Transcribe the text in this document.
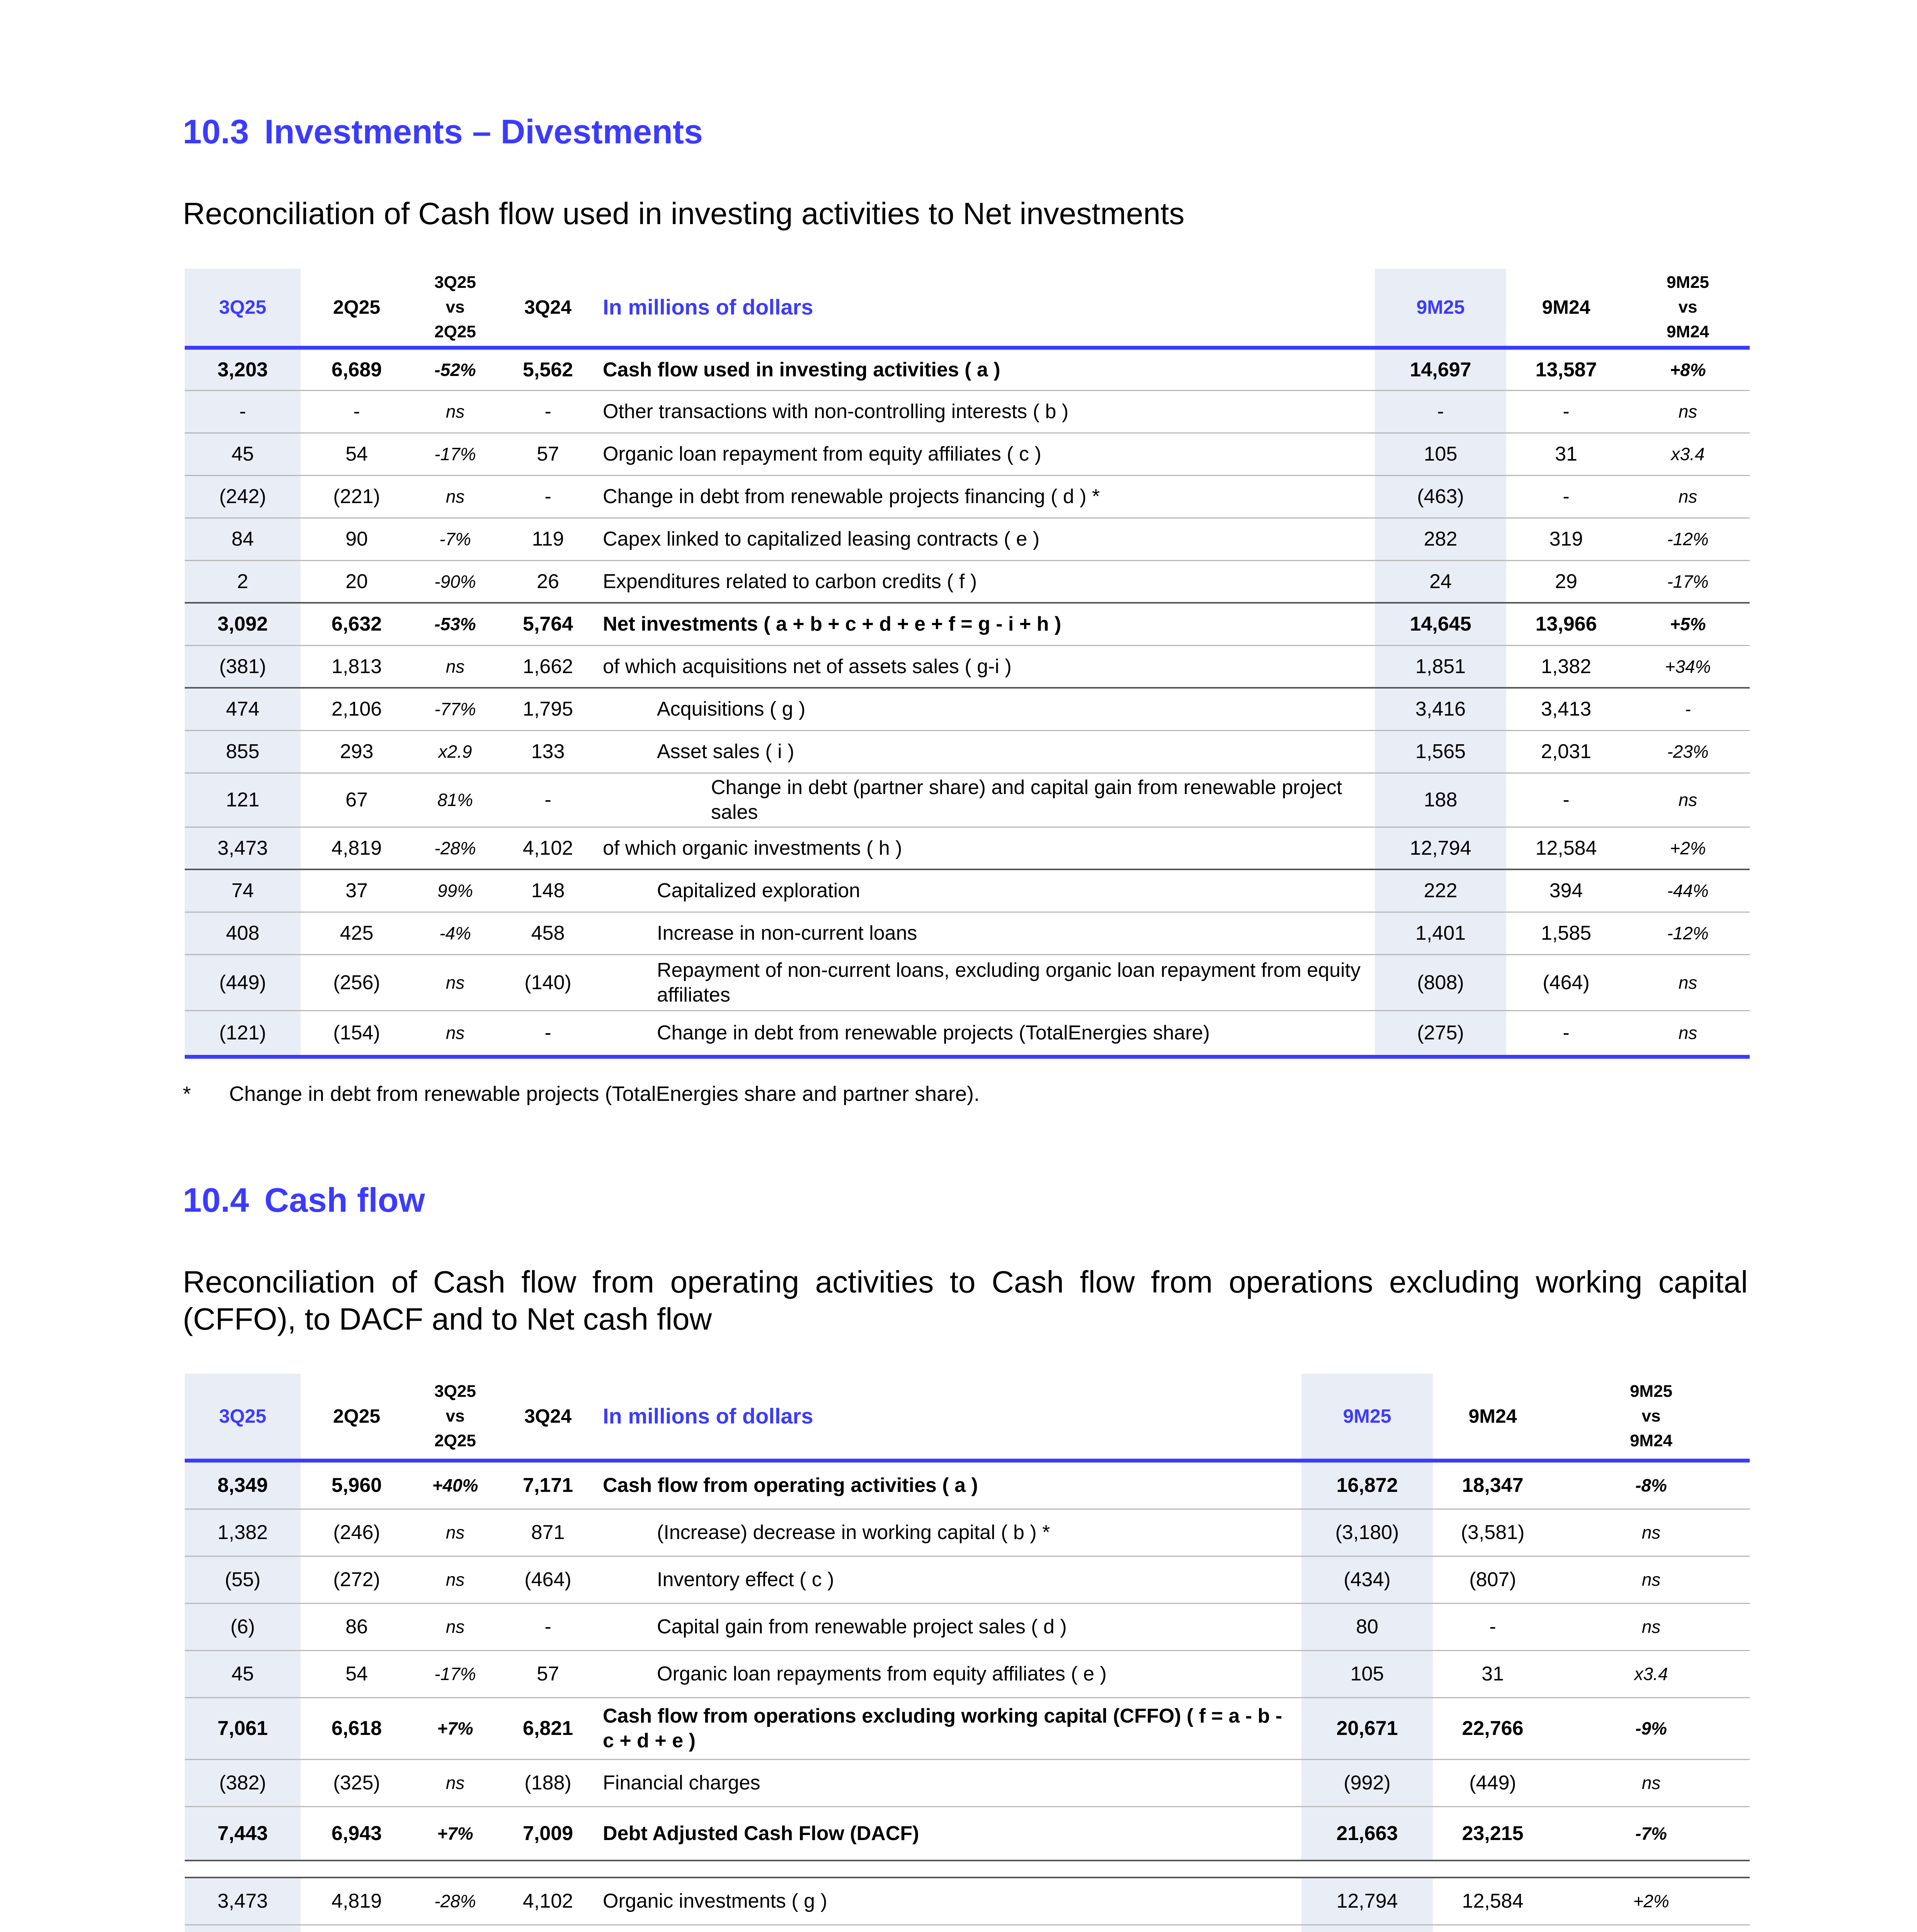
10.3 Investments – Divestments

Reconciliation of Cash flow used in investing activities to Net investments

3Q25	2Q25	3Q25
vs
2Q25	3Q24	In millions of dollars	9M25	9M24	9M25
vs
9M24
3,203	6,689	-52%	5,562	Cash flow used in investing activities ( a )	14,697	13,587	+8%
-	-	ns	-	Other transactions with non-controlling interests ( b )	-	-	ns
45	54	-17%	57	Organic loan repayment from equity affiliates ( c )	105	31	x3.4
(242)	(221)	ns	-	Change in debt from renewable projects financing ( d ) *	(463)	-	ns
84	90	-7%	119	Capex linked to capitalized leasing contracts ( e )	282	319	-12%
2	20	-90%	26	Expenditures related to carbon credits ( f )	24	29	-17%
3,092	6,632	-53%	5,764	Net investments ( a + b + c + d + e + f = g - i + h )	14,645	13,966	+5%
(381)	1,813	ns	1,662	of which acquisitions net of assets sales ( g-i )	1,851	1,382	+34%
474	2,106	-77%	1,795	Acquisitions ( g )	3,416	3,413	-
855	293	x2.9	133	Asset sales ( i )	1,565	2,031	-23%
121	67	81%	-	Change in debt (partner share) and capital gain from renewable project sales	188	-	ns
3,473	4,819	-28%	4,102	of which organic investments ( h )	12,794	12,584	+2%
74	37	99%	148	Capitalized exploration	222	394	-44%
408	425	-4%	458	Increase in non-current loans	1,401	1,585	-12%
(449)	(256)	ns	(140)	Repayment of non-current loans, excluding organic loan repayment from equity affiliates	(808)	(464)	ns
(121)	(154)	ns	-	Change in debt from renewable projects (TotalEnergies share)	(275)	-	ns
* Change in debt from renewable projects (TotalEnergies share and partner share).
10.4 Cash flow

Reconciliation of Cash flow from operating activities to Cash flow from operations excluding working capital (CFFO), to DACF and to Net cash flow

3Q25	2Q25	3Q25
vs
2Q25	3Q24	In millions of dollars	9M25	9M24	9M25
vs
9M24
8,349	5,960	+40%	7,171	Cash flow from operating activities ( a )	16,872	18,347	-8%
1,382	(246)	ns	871	(Increase) decrease in working capital ( b ) *	(3,180)	(3,581)	ns
(55)	(272)	ns	(464)	Inventory effect ( c )	(434)	(807)	ns
(6)	86	ns	-	Capital gain from renewable project sales ( d )	80	-	ns
45	54	-17%	57	Organic loan repayments from equity affiliates ( e )	105	31	x3.4
7,061	6,618	+7%	6,821	Cash flow from operations excluding working capital (CFFO) ( f = a - b - c + d + e )	20,671	22,766	-9%
(382)	(325)	ns	(188)	Financial charges	(992)	(449)	ns
7,443	6,943	+7%	7,009	Debt Adjusted Cash Flow (DACF)	21,663	23,215	-7%

3,473	4,819	-28%	4,102	Organic investments ( g )	12,794	12,584	+2%
